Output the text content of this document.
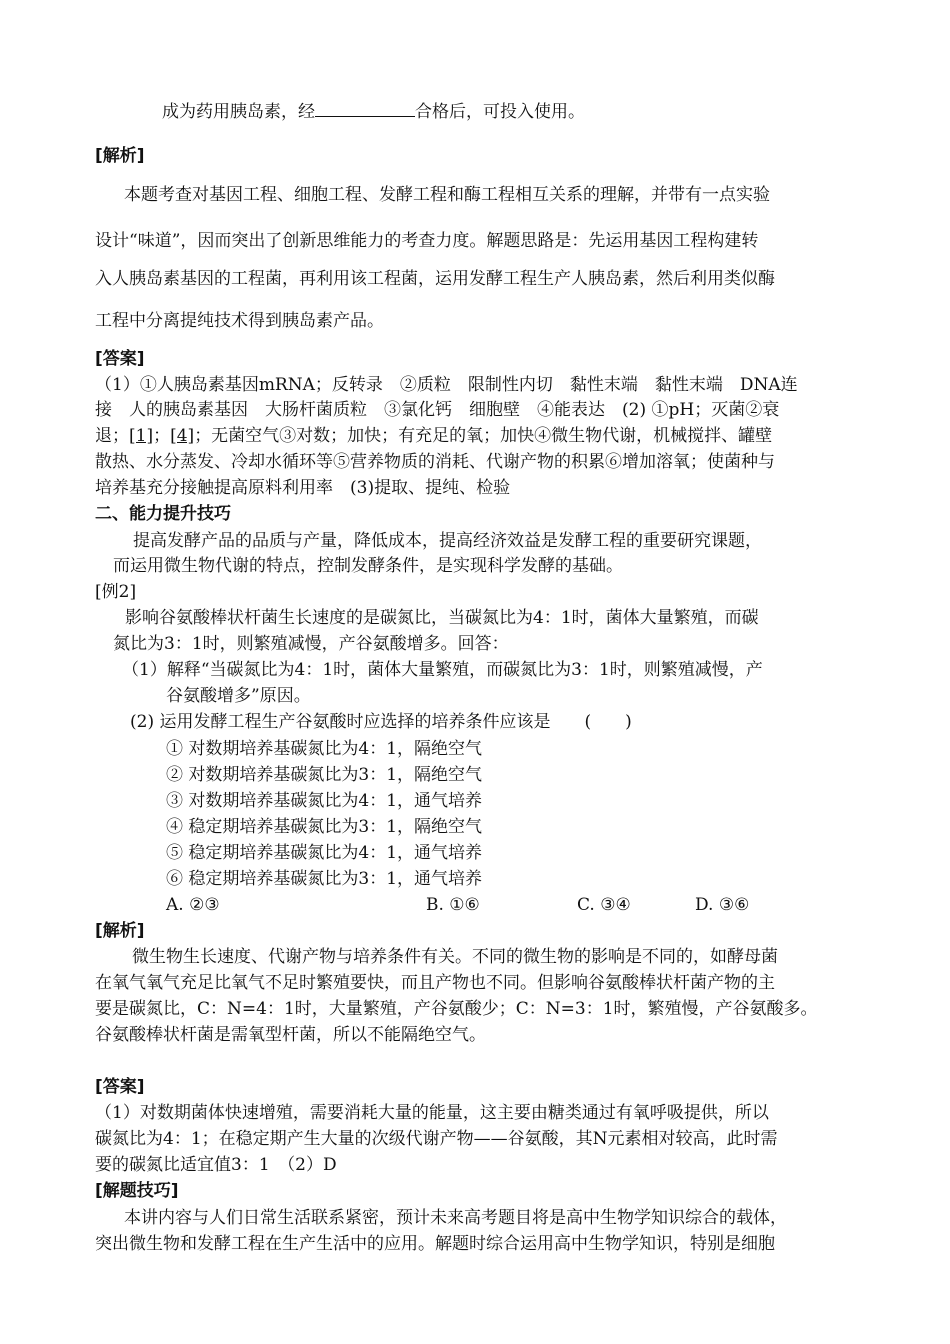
成为药用胰岛素，经	合格后，可投入使用。
[解析]
本题考查对基因工程、细胞工程、发酵工程和酶工程相互关系的理解，并带有一点实验
设计“味道”，因而突出了创新思维能力的考查力度。解题思路是：先运用基因工程构建转
入人胰岛素基因的工程菌，再利用该工程菌，运用发酵工程生产人胰岛素，然后利用类似酶
工程中分离提纯技术得到胰岛素产品。
[答案]
（1）①人胰岛素基因mRNA；反转录　②质粒　限制性内切　黏性末端　黏性末端　DNA连
接　人的胰岛素基因　大肠杆菌质粒　③氯化钙　细胞壁　④能表达　(2) ①pH；灭菌②衰
退；[1]；[4]；无菌空气③对数；加快；有充足的氧；加快④微生物代谢，机械搅拌、罐壁
散热、水分蒸发、冷却水循环等⑤营养物质的消耗、代谢产物的积累⑥增加溶氧；使菌种与
培养基充分接触提高原料利用率　(3)提取、提纯、检验
二、能力提升技巧
提高发酵产品的品质与产量，降低成本，提高经济效益是发酵工程的重要研究课题，
而运用微生物代谢的特点，控制发酵条件，是实现科学发酵的基础。
[例2]
影响谷氨酸棒状杆菌生长速度的是碳氮比，当碳氮比为4：1时，菌体大量繁殖，而碳
氮比为3：1时，则繁殖减慢，产谷氨酸增多。回答：
（1）解释“当碳氮比为4：1时，菌体大量繁殖，而碳氮比为3：1时，则繁殖减慢，产
谷氨酸增多”原因。
(2) 运用发酵工程生产谷氨酸时应选择的培养条件应该是　　(　　)
① 对数期培养基碳氮比为4：1，隔绝空气
② 对数期培养基碳氮比为3：1，隔绝空气
③ 对数期培养基碳氮比为4：1，通气培养
④ 稳定期培养基碳氮比为3：1，隔绝空气
⑤ 稳定期培养基碳氮比为4：1，通气培养
⑥ 稳定期培养基碳氮比为3：1，通气培养
A. ②③	B. ①⑥	C. ③④	D. ③⑥
[解析]
微生物生长速度、代谢产物与培养条件有关。不同的微生物的影响是不同的，如酵母菌
在氧气氧气充足比氧气不足时繁殖要快，而且产物也不同。但影响谷氨酸棒状杆菌产物的主
要是碳氮比，C：N=4：1时，大量繁殖，产谷氨酸少；C：N=3：1时，繁殖慢，产谷氨酸多。
谷氨酸棒状杆菌是需氧型杆菌，所以不能隔绝空气。
[答案]
（1）对数期菌体快速增殖，需要消耗大量的能量，这主要由糖类通过有氧呼吸提供，所以
碳氮比为4：1；在稳定期产生大量的次级代谢产物——谷氨酸，其N元素相对较高，此时需
要的碳氮比适宜值3：1　（2）D
[解题技巧]
本讲内容与人们日常生活联系紧密，预计未来高考题目将是高中生物学知识综合的载体，
突出微生物和发酵工程在生产生活中的应用。解题时综合运用高中生物学知识，特别是细胞
